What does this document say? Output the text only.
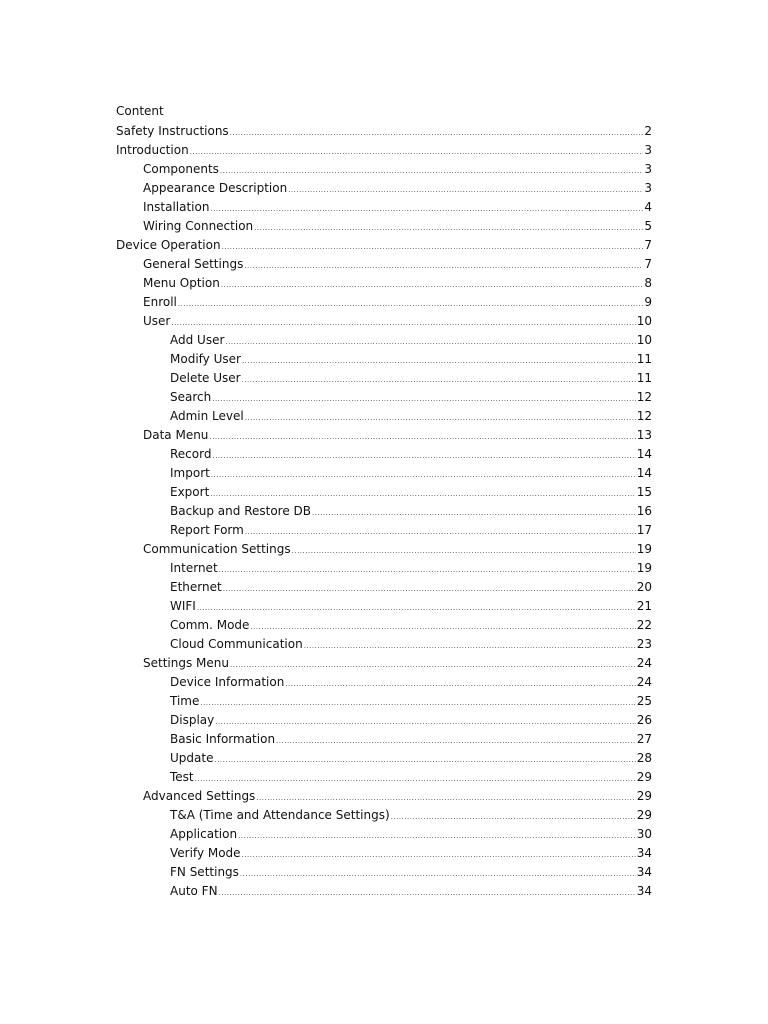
Content
Safety Instructions .....	2
Introduction .....	3
Components .....	3
Appearance Description .....	3
Installation .....	4
Wiring Connection .....	5
Device Operation .....	7
General Settings .....	7
Menu Option .....	8
Enroll .....	9
User .....	10
Add User .....	10
Modify User .....	11
Delete User .....	11
Search .....	12
Admin Level .....	12
Data Menu .....	13
Record .....	14
Import .....	14
Export .....	15
Backup and Restore DB .....	16
Report Form .....	17
Communication Settings .....	19
Internet .....	19
Ethernet .....	20
WIFI .....	21
Comm. Mode .....	22
Cloud Communication .....	23
Settings Menu .....	24
Device Information .....	24
Time .....	25
Display .....	26
Basic Information .....	27
Update .....	28
Test .....	29
Advanced Settings .....	29
T&A (Time and Attendance Settings) .....	29
Application .....	30
Verify Mode .....	34
FN Settings .....	34
Auto FN .....	34
